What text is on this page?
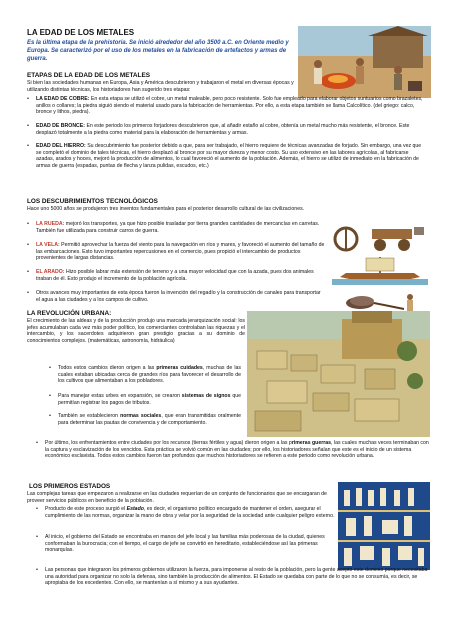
LA EDAD DE LOS METALES
Es la última etapa de la prehistoria. Se inició alrededor del año 3500 a.C. en Oriente medio y Europa. Se caracterizó por el uso de los metales en la fabricación de artefactos y armas de guerra.
ETAPAS DE LA EDAD DE LOS METALES
Si bien las sociedades humanas en Europa, Asia y América descubrieron y trabajaron el metal en diversas épocas y utilizando distintas técnicas, los historiadores han sugerido tres etapas:
• LA EDAD DE COBRE: En esta etapa se utilizó el cobre, un metal maleable, pero poco resistente. Solo fue empleado para elaborar objetos suntuarios como brazaletes, anillos o collares; la piedra siguió siendo el material usado para la fabricación de herramientas. Por ello, a esta etapa también se llama Calcolítico. (del griego: calco, bronce y lithos, piedra).
• EDAD DE BRONCE: En este periodo los primeros forjadores descubrieron que, al añadir estaño al cobre, obtenía un metal mucho más resistente, el bronce. Este desplazó totalmente a la piedra como material para la elaboración de herramientas y armas.
• EDAD DEL HIERRO: Su descubrimiento fue posterior debido a que, para ser trabajado, el hierro requiere de técnicas avanzadas de forjado. Sin embargo, una vez que se completó el dominio de tales técnicas, el hierro desplazó al bronce por su mayor dureza y menor costo. Su uso extensivo en las labores agrícolas, al fabricarse azadas, arados y hoces, mejoró la producción de alimentos, lo cual favoreció el aumento de la población. Además, el hierro se utilizó de inmediato en la fabricación de armas de guerra (espadas, puntas de flecha y lanza pulidas, escudos, etc.)
LOS DESCUBRIMIENTOS TECNOLÓGICOS
Hace uno 5000 años se produjeron tres inventos fundamentales para el posterior desarrollo cultural de las civilizaciones.
• LA RUEDA: mejoró los transportes, ya que hizo posible trasladar por tierra grandes cantidades de mercancías en carretas. También fue utilizada para construir carros de guerra.
• LA VELA: Permitió aprovechar la fuerza del viento para la navegación en ríos y mares, y favoreció el aumento del tamaño de las embarcaciones. Esto tuvo importantes repercusiones en el comercio, pues propició el intercambio de productos provenientes de largas distancias.
• EL ARADO: Hizo posible labrar más extensión de terreno y a una mayor velocidad que con la azada, pues dos animales tiraban de él. Esto produjo el incremento de la población agrícola.
• Otros avances muy importantes de esta época fueron la invención del regadío y la construcción de canales para transportar el agua a las ciudades y a los campos de cultivo.
LA REVOLUCIÓN URBANA:
El crecimiento de las aldeas y de la producción produjo una marcada jerarquización social: los jefes acumulaban cada vez más poder político, los comerciantes controlaban las riquezas y el intercambio, y los sacerdotes adquirieron gran prestigio gracias a su dominio de conocimientos complejos. (matemáticas, astronomía, hidráulica)
• Todos estos cambios dieron origen a las primeras cuidades, muchas de las cuales estaban ubicadas cerca de grandes ríos para favorecer el desarrollo de los cultivos que alimentaban a los pobladores.
• Para manejar estas urbes en expansión, se crearon sistemas de signos que permitían registrar los pagos de tributos.
• También se establecieron normas sociales, que eran transmitidas oralmente para determinar las pautas de convivencia y de comportamiento.
• Por último, los enfrentamientos entre ciudades por los recursos (tierras fértiles y agua) dieron origen a las primeras guerras, las cuales muchas veces terminaban con la captura y esclavización de los vencidos. Esta práctica se volvió común en las ciudades; por ello, los historiadores señalan que este es el inicio de un sistema económico esclavista. Todos estos cambios fueron tan profundos que muchos historiadores se refieren a este periodo como revolución urbana.
LOS PRIMEROS ESTADOS
Las complejas tareas que empezaron a realizarse en las ciudades requerían de un conjunto de funcionarios que se encargaran de proveer servicios públicos en beneficio de la población.
• Producto de este proceso surgió el Estado, es decir, el organismo político encargado de mantener el orden, asegurar el cumplimiento de las normas, organizar la mano de obra y velar por la seguridad de la sociedad ante cualquier peligro externo.
• Al inicio, el gobierno del Estado se encontraba en manos del jefe local y las familias más poderosas de la ciudad, quienes conformaban la burocracia; con el tiempo, el cargo de jefe se convirtió en hereditario, estableciéndose así las primeras monarquías.
• Las personas que integraron los primeros gobiernos utilizaron la fuerza, para imponerse al resto de la población, pero la gente aceptó este dominio porque necesitaba una autoridad para organizar no solo la defensa, sino también la producción de alimentos. El Estado se quedaba con parte de lo que no se consumía, es decir, se apropiaba de los excedentes. Con ello, se mantenían a sí mismo y a sus ayudantes.
